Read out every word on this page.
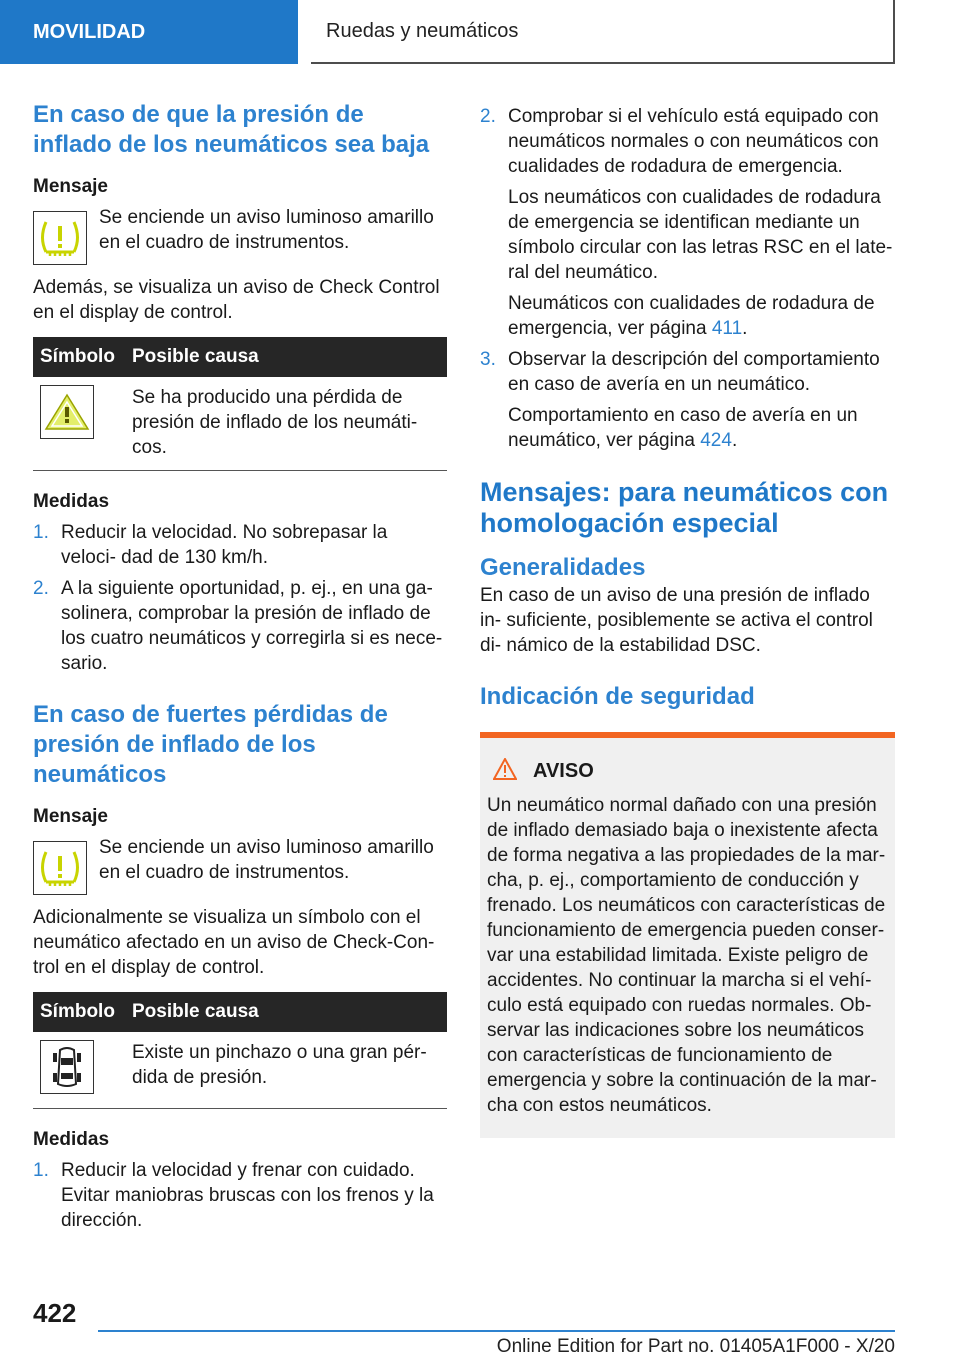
MOVILIDAD	Ruedas y neumáticos
En caso de que la presión de inflado de los neumáticos sea baja
Mensaje

Se enciende un aviso luminoso amarillo en el cuadro de instrumentos.

Además, se visualiza un aviso de Check Control en el display de control.

Símbolo	Posible causa

	Se ha producido una pérdida de presión de inflado de los neumáti- cos.
Medidas
1. Reducir la velocidad. No sobrepasar la veloci- dad de 130 km/h.

2. A la siguiente oportunidad, p. ej., en una ga- solinera, comprobar la presión de inflado de los cuatro neumáticos y corregirla si es nece- sario.

En caso de fuertes pérdidas de presión de inflado de los neumáticos
Mensaje

Se enciende un aviso luminoso amarillo en el cuadro de instrumentos.

Adicionalmente se visualiza un símbolo con el neumático afectado en un aviso de Check-Con- trol en el display de control.

Símbolo	Posible causa

	Existe un pinchazo o una gran pér- dida de presión.
Medidas
1. Reducir la velocidad y frenar con cuidado. Evitar maniobras bruscas con los frenos y la dirección.

2. Comprobar si el vehículo está equipado con neumáticos normales o con neumáticos con cualidades de rodadura de emergencia.

Los neumáticos con cualidades de rodadura de emergencia se identifican mediante un símbolo circular con las letras RSC en el late- ral del neumático.

Neumáticos con cualidades de rodadura de emergencia, ver página 411.

3. Observar la descripción del comportamiento en caso de avería en un neumático.

Comportamiento en caso de avería en un neumático, ver página 424.

Mensajes: para neumáticos con homologación especial
Generalidades

En caso de un aviso de una presión de inflado in- suficiente, posiblemente se activa el control di- námico de la estabilidad DSC.

Indicación de seguridad
AVISO

Un neumático normal dañado con una presión de inflado demasiado baja o inexistente afecta de forma negativa a las propiedades de la mar- cha, p. ej., comportamiento de conducción y frenado. Los neumáticos con características de funcionamiento de emergencia pueden conser- var una estabilidad limitada. Existe peligro de accidentes. No continuar la marcha si el vehí- culo está equipado con ruedas normales. Ob- servar las indicaciones sobre los neumáticos con características de funcionamiento de emergencia y sobre la continuación de la mar- cha con estos neumáticos.

422
Online Edition for Part no. 01405A1F000 - X/20
